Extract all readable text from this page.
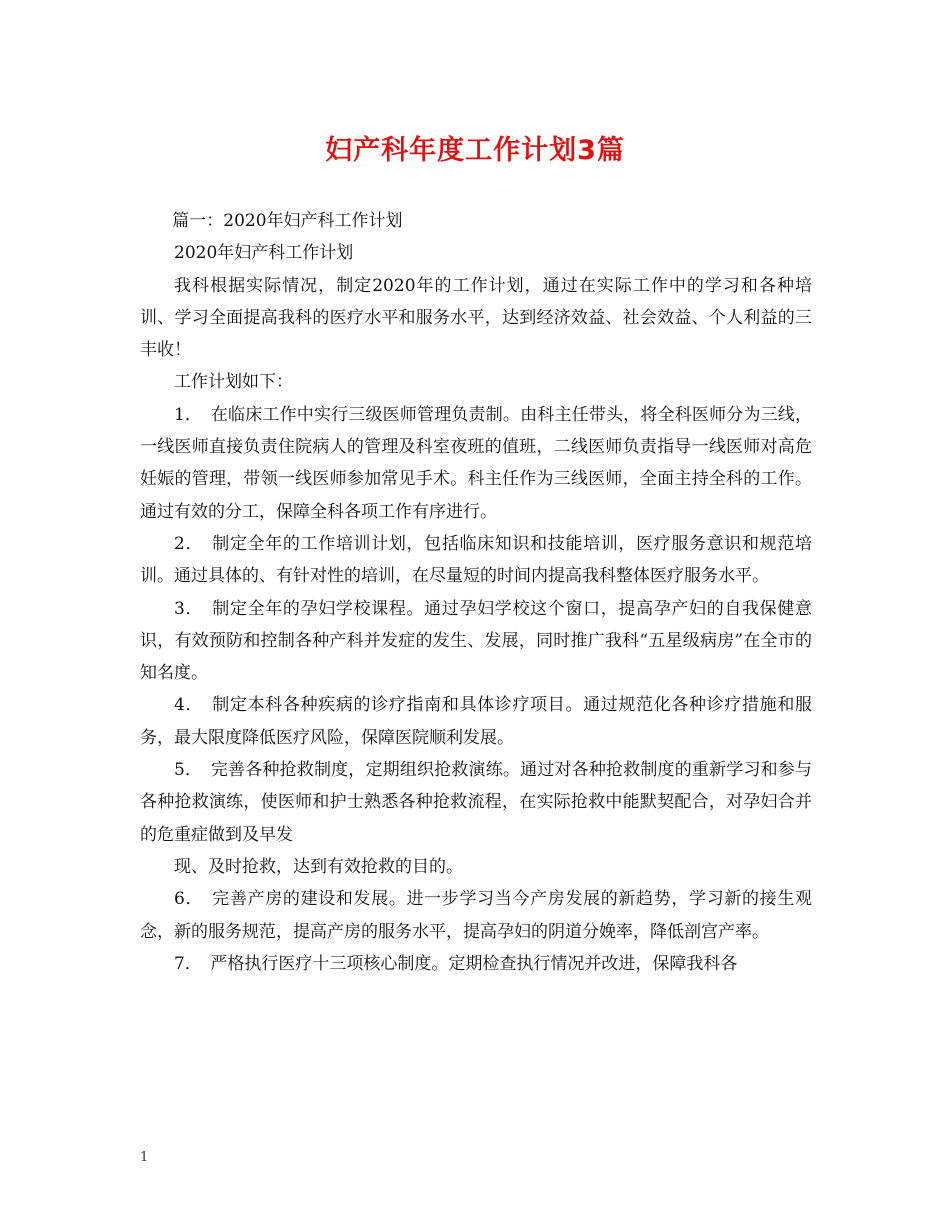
妇产科年度工作计划3篇

篇一：2020年妇产科工作计划

2020年妇产科工作计划

我科根据实际情况，制定2020年的工作计划，通过在实际工作中的学习和各种培训、学习全面提高我科的医疗水平和服务水平，达到经济效益、社会效益、个人利益的三丰收！

工作计划如下：

1．　在临床工作中实行三级医师管理负责制。由科主任带头，将全科医师分为三线，一线医师直接负责住院病人的管理及科室夜班的值班，二线医师负责指导一线医师对高危妊娠的管理，带领一线医师参加常见手术。科主任作为三线医师，全面主持全科的工作。通过有效的分工，保障全科各项工作有序进行。

2．　制定全年的工作培训计划，包括临床知识和技能培训，医疗服务意识和规范培训。通过具体的、有针对性的培训，在尽量短的时间内提高我科整体医疗服务水平。

3．　制定全年的孕妇学校课程。通过孕妇学校这个窗口，提高孕产妇的自我保健意识，有效预防和控制各种产科并发症的发生、发展，同时推广我科“五星级病房”在全市的知名度。

4．　制定本科各种疾病的诊疗指南和具体诊疗项目。通过规范化各种诊疗措施和服务，最大限度降低医疗风险，保障医院顺利发展。

5．　完善各种抢救制度，定期组织抢救演练。通过对各种抢救制度的重新学习和参与各种抢救演练，使医师和护士熟悉各种抢救流程，在实际抢救中能默契配合，对孕妇合并的危重症做到及早发

现、及时抢救，达到有效抢救的目的。

6．　完善产房的建设和发展。进一步学习当今产房发展的新趋势，学习新的接生观念，新的服务规范，提高产房的服务水平，提高孕妇的阴道分娩率，降低剖宫产率。

7．　严格执行医疗十三项核心制度。定期检查执行情况并改进，保障我科各

1
